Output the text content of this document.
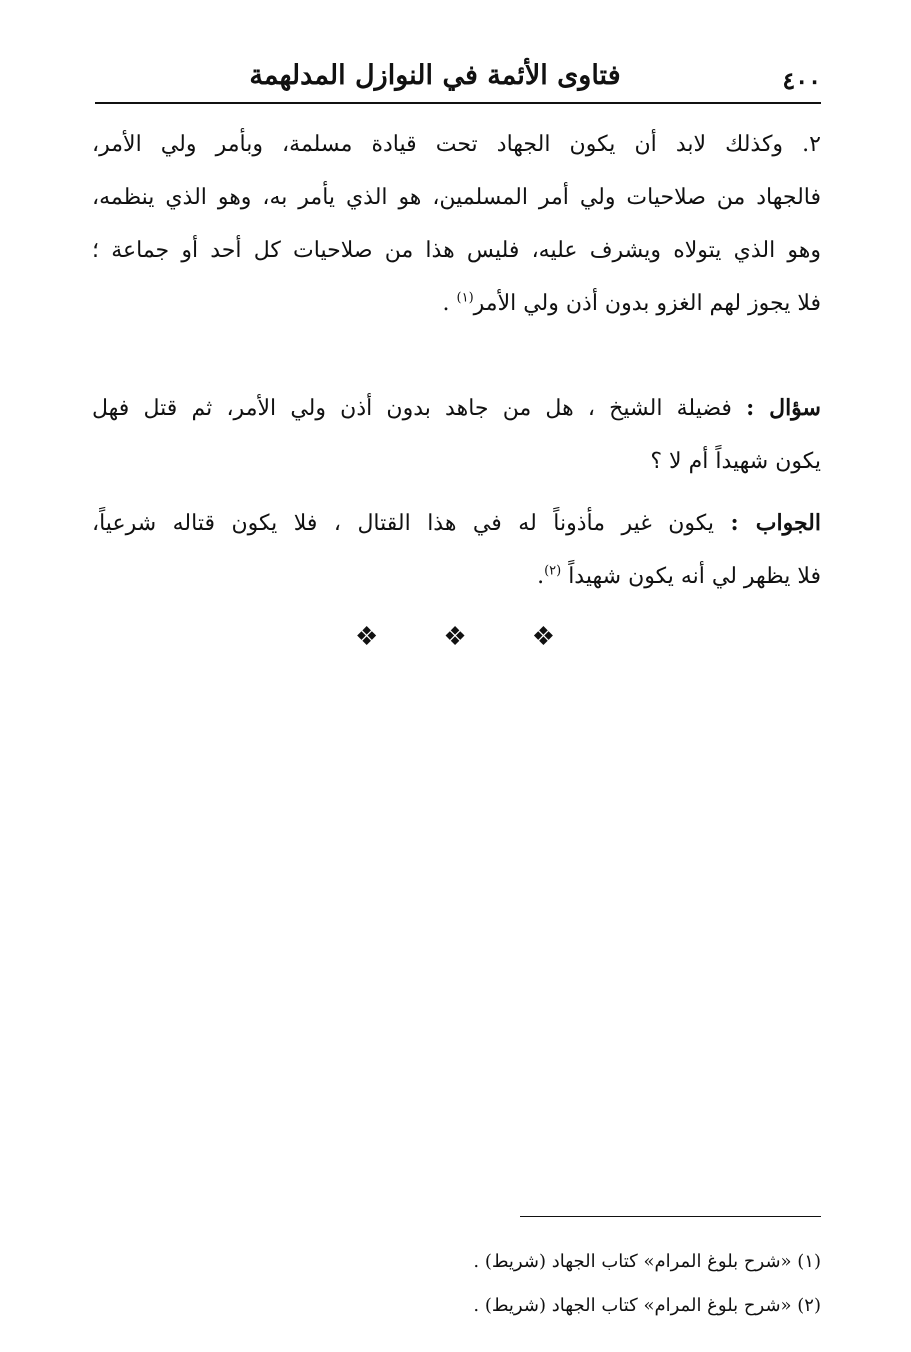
٤٠٠
فتاوى الأئمة في النوازل المدلهمة
٢. وكذلك لابد أن يكون الجهاد تحت قيادة مسلمة، وبأمر ولي الأمر،
فالجهاد من صلاحيات ولي أمر المسلمين، هو الذي يأمر به، وهو الذي ينظمه،
وهو الذي يتولاه ويشرف عليه، فليس هذا من صلاحيات كل أحد أو جماعة ؛
فلا يجوز لهم الغزو بدون أذن ولي الأمر$^{(١)}$ .
سؤال : فضيلة الشيخ ، هل من جاهد بدون أذن ولي الأمر، ثم قتل فهل
يكون شهيداً أم لا ؟
الجواب : يكون غير مأذوناً له في هذا القتال ، فلا يكون قتاله شرعياً،
فلا يظهر لي أنه يكون شهيداً $^{(٢)}$.
❖
❖
❖
(١) «شرح بلوغ المرام» كتاب الجهاد (شريط) .
(٢) «شرح بلوغ المرام» كتاب الجهاد (شريط) .
